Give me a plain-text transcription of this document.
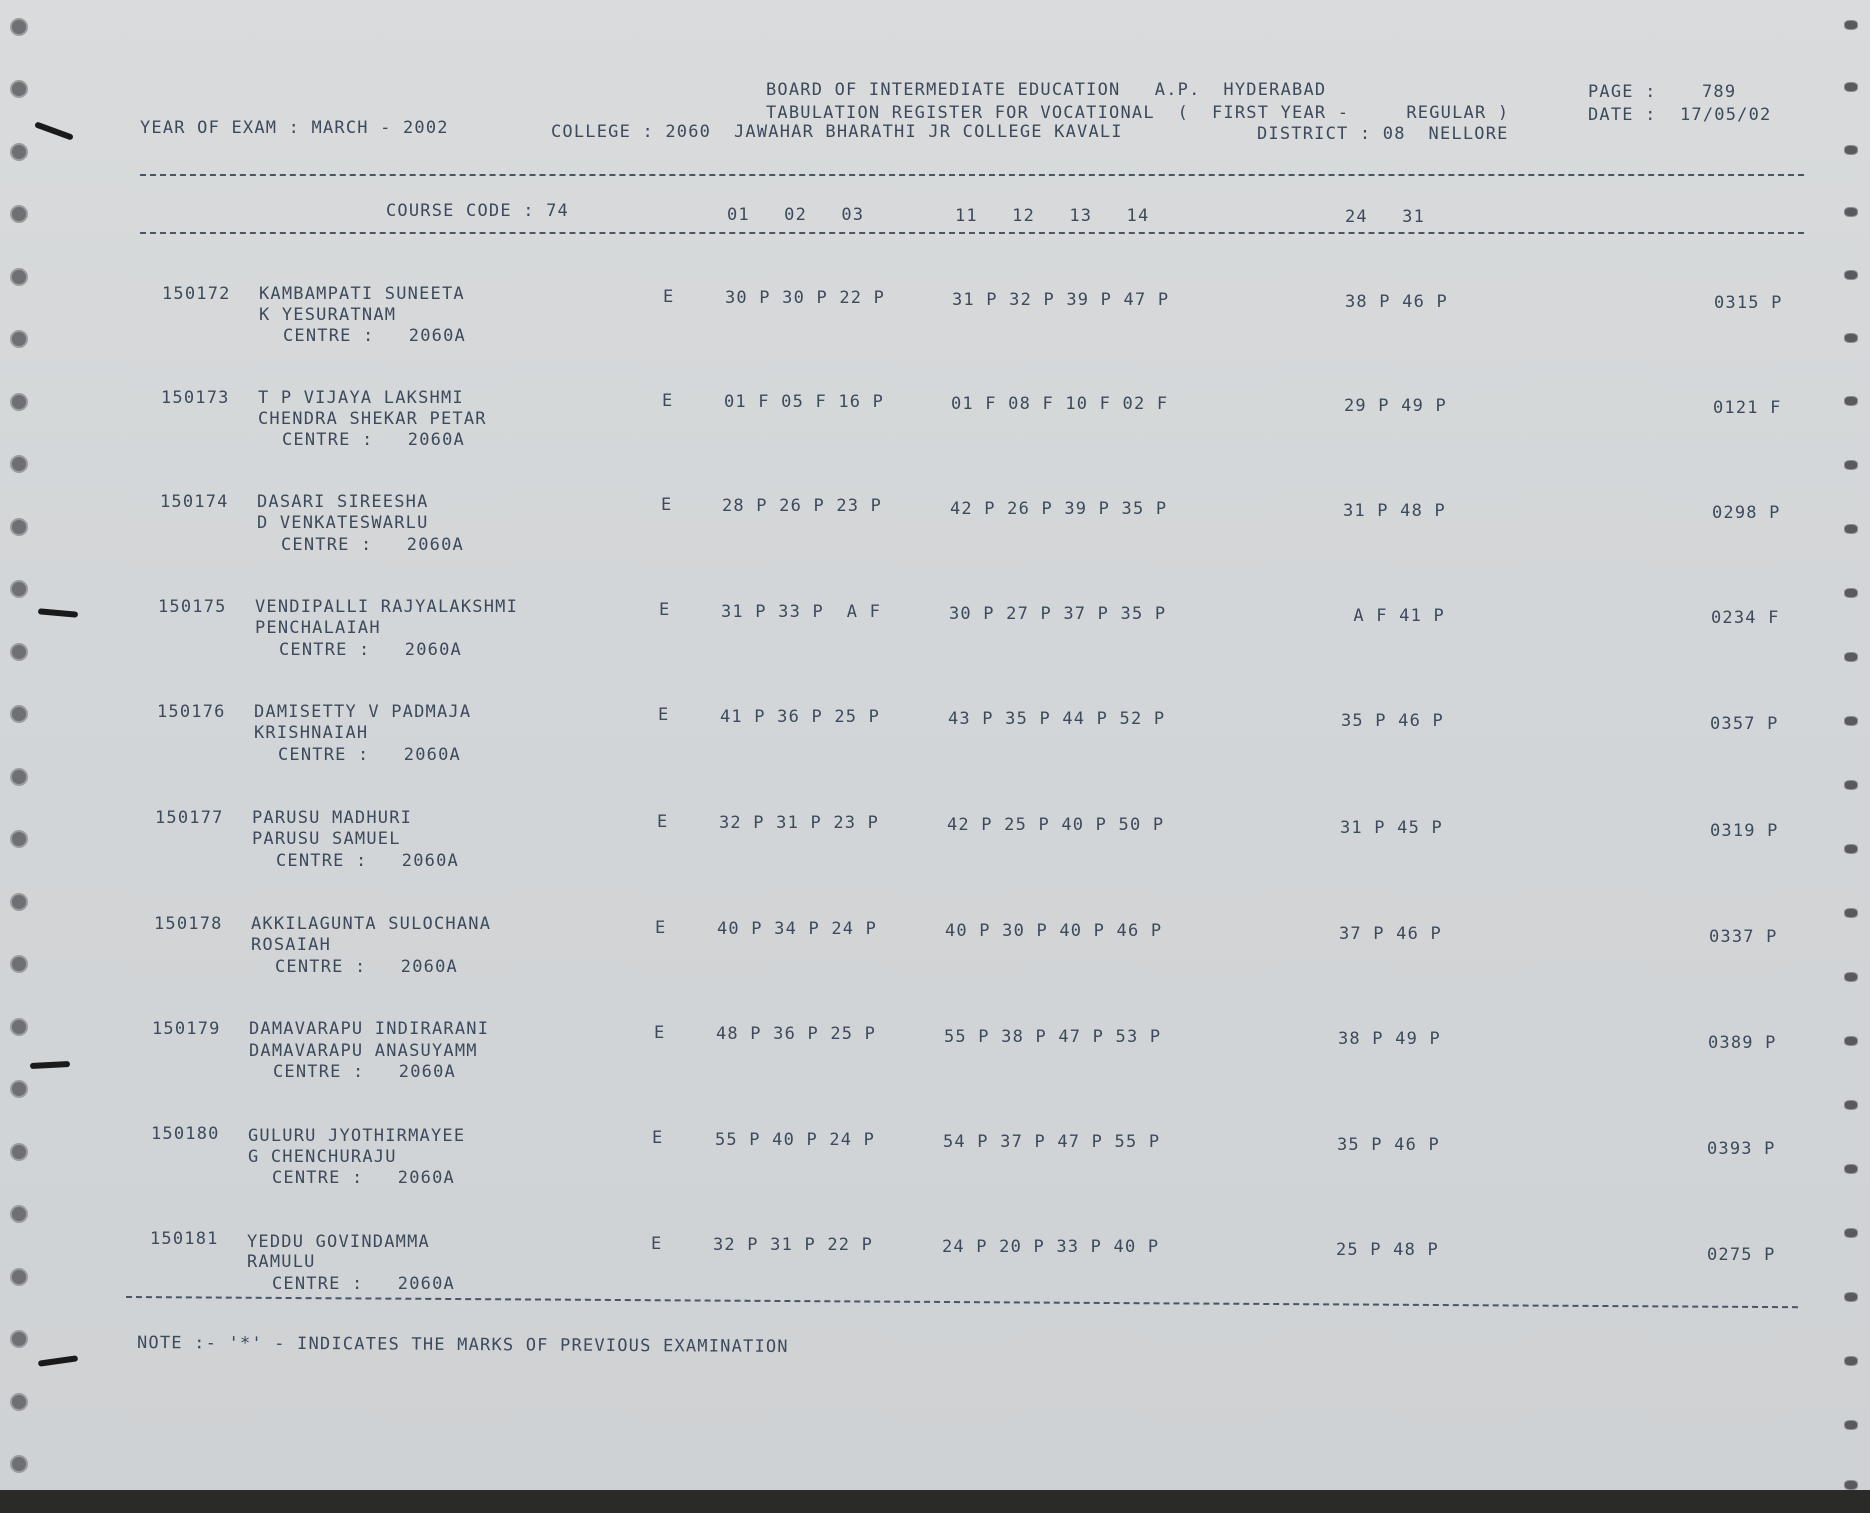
BOARD OF INTERMEDIATE EDUCATION   A.P.  HYDERABAD	PAGE :	789
TABULATION REGISTER FOR VOCATIONAL  (  FIRST YEAR -     REGULAR )	DATE : 17/05/02
YEAR OF EXAM : MARCH - 2002	COLLEGE : 2060  JAWAHAR BHARATHI JR COLLEGE KAVALI	DISTRICT : 08  NELLORE
COURSE CODE : 74	01   02   03	11   12   13   14	24   31
150172 KAMBAMPATI SUNEETA
K YESURATNAM
CENTRE :   2060A
E	30 P 30 P 22 P	31 P 32 P 39 P 47 P	38 P 46 P	0315 P
150173 T P VIJAYA LAKSHMI
CHENDRA SHEKAR PETAR
CENTRE :   2060A
E	01 F 05 F 16 P	01 F 08 F 10 F 02 F	29 P 49 P	0121 F
150174 DASARI SIREESHA
D VENKATESWARLU
CENTRE :   2060A
E	28 P 26 P 23 P	42 P 26 P 39 P 35 P	31 P 48 P	0298 P
150175 VENDIPALLI RAJYALAKSHMI
PENCHALAIAH
CENTRE :   2060A
E	31 P 33 P  A F	30 P 27 P 37 P 35 P	A F 41 P	0234 F
150176 DAMISETTY V PADMAJA
KRISHNAIAH
CENTRE :   2060A
E	41 P 36 P 25 P	43 P 35 P 44 P 52 P	35 P 46 P	0357 P
150177 PARUSU MADHURI
PARUSU SAMUEL
CENTRE :   2060A
E	32 P 31 P 23 P	42 P 25 P 40 P 50 P	31 P 45 P	0319 P
150178 AKKILAGUNTA SULOCHANA
ROSAIAH
CENTRE :   2060A
E	40 P 34 P 24 P	40 P 30 P 40 P 46 P	37 P 46 P	0337 P
150179 DAMAVARAPU INDIRARANI
DAMAVARAPU ANASUYAMM
CENTRE :   2060A
E	48 P 36 P 25 P	55 P 38 P 47 P 53 P	38 P 49 P	0389 P
150180 GULURU JYOTHIRMAYEE
G CHENCHURAJU
CENTRE :   2060A
E	55 P 40 P 24 P	54 P 37 P 47 P 55 P	35 P 46 P	0393 P
150181 YEDDU GOVINDAMMA
RAMULU
CENTRE :   2060A
E	32 P 31 P 22 P	24 P 20 P 33 P 40 P	25 P 48 P	0275 P
NOTE :- '*' - INDICATES THE MARKS OF PREVIOUS EXAMINATION
